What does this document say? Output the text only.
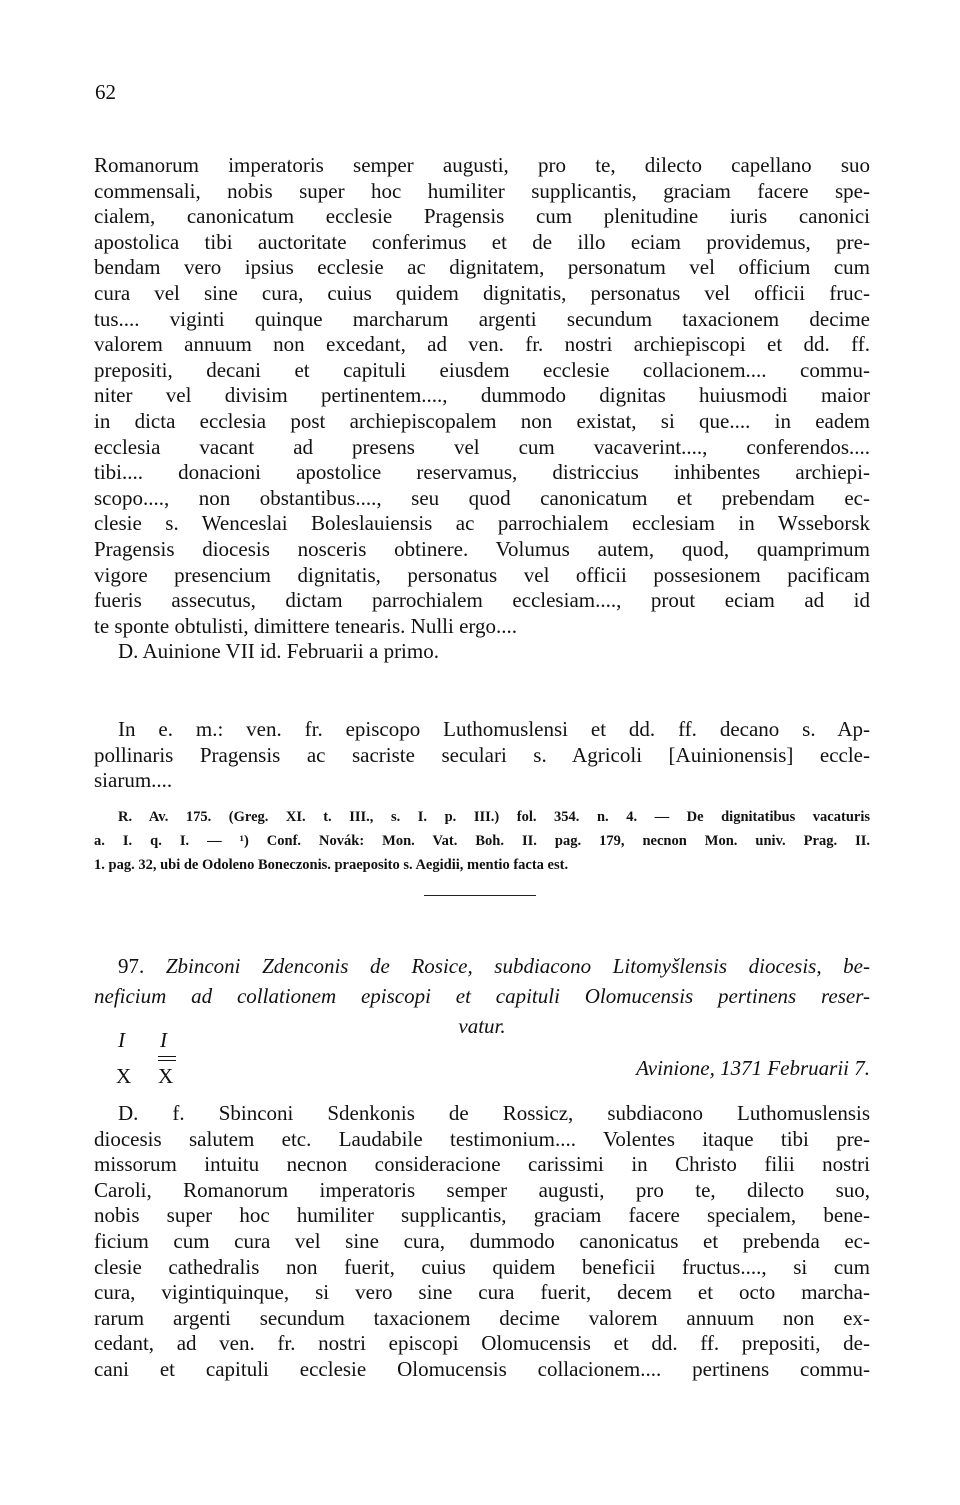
62
Romanorum imperatoris semper augusti, pro te, dilecto capellano suo
commensali, nobis super hoc humiliter supplicantis, graciam facere spe-
cialem, canonicatum ecclesie Pragensis cum plenitudine iuris canonici
apostolica tibi auctoritate conferimus et de illo eciam providemus, pre-
bendam vero ipsius ecclesie ac dignitatem, personatum vel officium cum
cura vel sine cura, cuius quidem dignitatis, personatus vel officii fruc-
tus.... viginti quinque marcharum argenti secundum taxacionem decime
valorem annuum non excedant, ad ven. fr. nostri archiepiscopi et dd. ff.
prepositi, decani et capituli eiusdem ecclesie collacionem.... commu-
niter vel divisim pertinentem...., dummodo dignitas huiusmodi maior
in dicta ecclesia post archiepiscopalem non existat, si que.... in eadem
ecclesia vacant ad presens vel cum vacaverint...., conferendos....
tibi.... donacioni apostolice reservamus, districcius inhibentes archiepi-
scopo...., non obstantibus...., seu quod canonicatum et prebendam ec-
clesie s. Wenceslai Boleslauiensis ac parrochialem ecclesiam in Wsseborsk
Pragensis diocesis nosceris obtinere. Volumus autem, quod, quamprimum
vigore presencium dignitatis, personatus vel officii possesionem pacificam
fueris assecutus, dictam parrochialem ecclesiam...., prout eciam ad id
te sponte obtulisti, dimittere tenearis. Nulli ergo....
D. Auinione VII id. Februarii a primo.
In e. m.: ven. fr. episcopo Luthomuslensi et dd. ff. decano s. Ap-
pollinaris Pragensis ac sacriste seculari s. Agricoli [Auinionensis] eccle-
siarum....
R. Av. 175. (Greg. XI. t. III., s. I. p. III.) fol. 354. n. 4. — De dignitatibus vacaturis
a. I. q. I. — ¹) Conf. Novák: Mon. Vat. Boh. II. pag. 179, necnon Mon. univ. Prag. II.
1. pag. 32, ubi de Odoleno Boneczonis. praeposito s. Aegidii, mentio facta est.
97. Zbinconi Zdenconis de Rosice, subdiacono Litomyšlensis diocesis, be-
neficium ad collationem episcopi et capituli Olomucensis pertinens reser-
vatur.
I I
X X	Avinione, 1371 Februarii 7.
D. f. Sbinconi Sdenkonis de Rossicz, subdiacono Luthomuslensis
diocesis salutem etc. Laudabile testimonium.... Volentes itaque tibi pre-
missorum intuitu necnon consideracione carissimi in Christo filii nostri
Caroli, Romanorum imperatoris semper augusti, pro te, dilecto suo,
nobis super hoc humiliter supplicantis, graciam facere specialem, bene-
ficium cum cura vel sine cura, dummodo canonicatus et prebenda ec-
clesie cathedralis non fuerit, cuius quidem beneficii fructus...., si cum
cura, vigintiquinque, si vero sine cura fuerit, decem et octo marcha-
rarum argenti secundum taxacionem decime valorem annuum non ex-
cedant, ad ven. fr. nostri episcopi Olomucensis et dd. ff. prepositi, de-
cani et capituli ecclesie Olomucensis collacionem.... pertinens commu-
